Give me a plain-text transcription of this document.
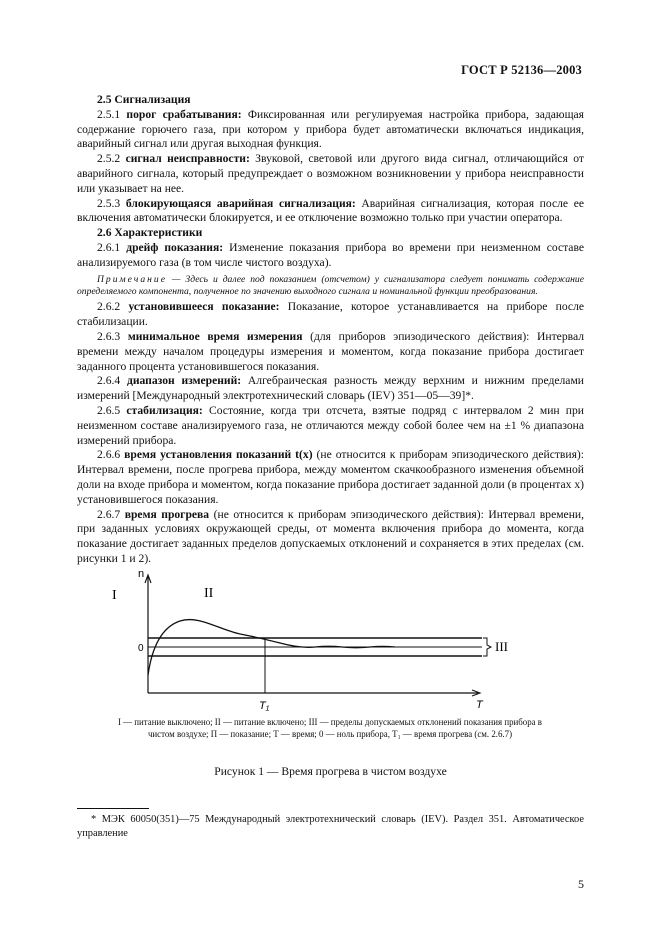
ГОСТ Р 52136—2003

2.5 Сигнализация

2.5.1 порог срабатывания: Фиксированная или регулируемая настройка прибора, задающая содержание горючего газа, при котором у прибора будет автоматически включаться индикация, аварийный сигнал или другая выходная функция.

2.5.2 сигнал неисправности: Звуковой, световой или другого вида сигнал, отличающийся от аварийного сигнала, который предупреждает о возможном возникновении у прибора неисправности или указывает на нее.

2.5.3 блокирующаяся аварийная сигнализация: Аварийная сигнализация, которая после ее включения автоматически блокируется, и ее отключение возможно только при участии оператора.

2.6 Характеристики

2.6.1 дрейф показания: Изменение показания прибора во времени при неизменном составе анализируемого газа (в том числе чистого воздуха).

Примечание — Здесь и далее под показанием (отсчетом) у сигнализатора следует понимать содержание определяемого компонента, полученное по значению выходного сигнала и номинальной функции преобразования.

2.6.2 установившееся показание: Показание, которое устанавливается на приборе после стабилизации.

2.6.3 минимальное время измерения (для приборов эпизодического действия): Интервал времени между началом процедуры измерения и моментом, когда показание прибора достигает заданного процента установившегося показания.

2.6.4 диапазон измерений: Алгебраическая разность между верхним и нижним пределами измерений [Международный электротехнический словарь (IEV) 351—05—39]*.

2.6.5 стабилизация: Состояние, когда три отсчета, взятые подряд с интервалом 2 мин при неизменном составе анализируемого газа, не отличаются между собой более чем на ±1 % диапазона измерений прибора.

2.6.6 время установления показаний t(x) (не относится к приборам эпизодического действия): Интервал времени, после прогрева прибора, между моментом скачкообразного изменения объемной доли на входе прибора и моментом, когда показание прибора достигает заданной доли (в процентах x) установившегося показания.

2.6.7 время прогрева (не относится к приборам эпизодического действия): Интервал времени, при заданных условиях окружающей среды, от момента включения прибора до момента, когда показание достигает заданных пределов допускаемых отклонений и сохраняется в этих пределах (см. рисунки 1 и 2).

I	II
III
n
0
T
T₁
I — питание выключено; II — питание включено; III — пределы допускаемых отклонений показания прибора в чистом воздухе; П — показание; Т — время; 0 — ноль прибора, Т₁ — время прогрева (см. 2.6.7)
Рисунок 1 — Время прогрева в чистом воздухе
* МЭК 60050(351)—75 Международный электротехнический словарь (IEV). Раздел 351. Автоматическое управление
5
